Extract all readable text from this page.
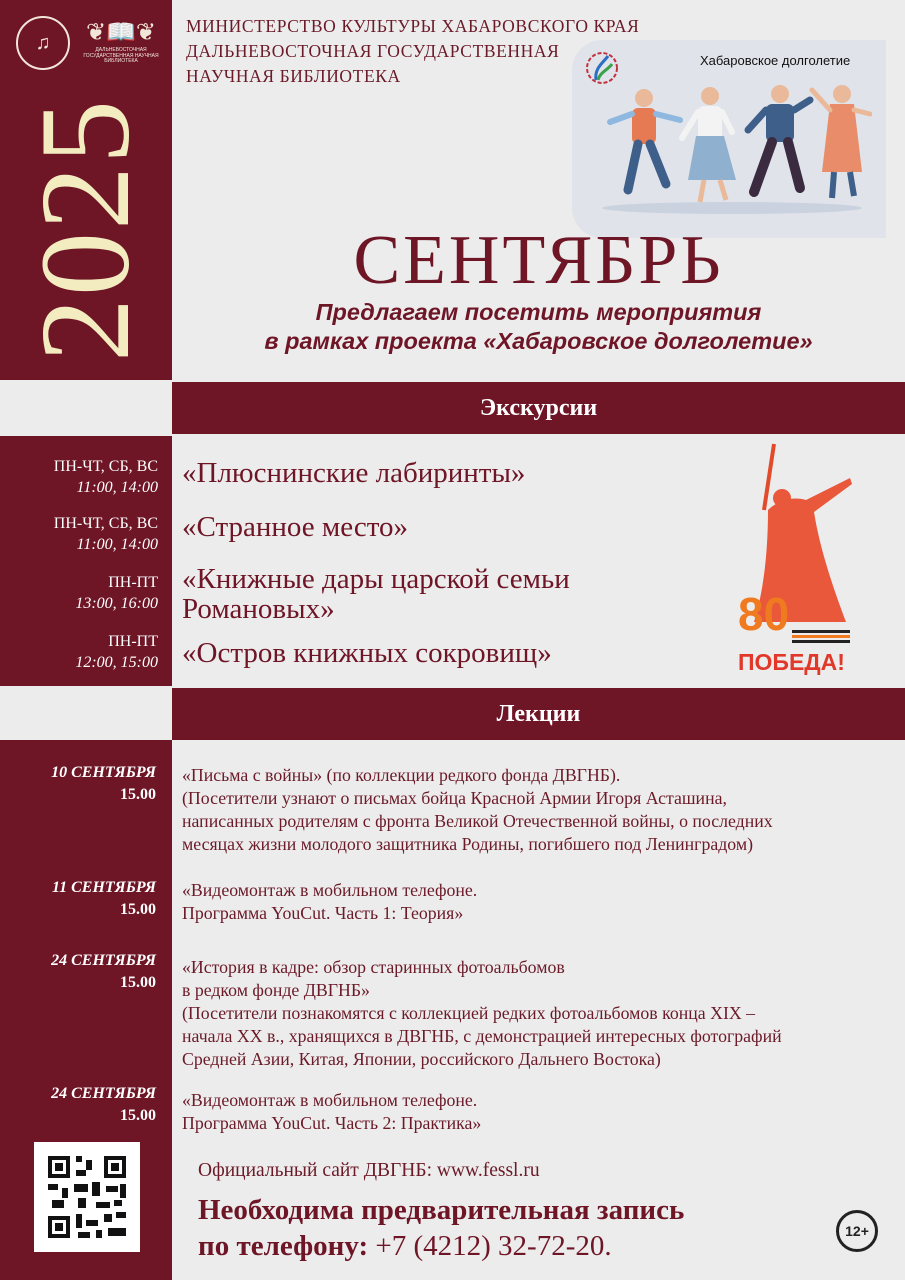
♫	❦📖❦
ДАЛЬНЕВОСТОЧНАЯ ГОСУДАРСТВЕННАЯ НАУЧНАЯ БИБЛИОТЕКА
2025
МИНИСТЕРСТВО КУЛЬТУРЫ ХАБАРОВСКОГО КРАЯ
ДАЛЬНЕВОСТОЧНАЯ ГОСУДАРСТВЕННАЯ
НАУЧНАЯ БИБЛИОТЕКА
Хабаровское долголетие
СЕНТЯБРЬ
Предлагаем посетить мероприятия
в рамках проекта «Хабаровское долголетие»
Экскурсии
ПН-ЧТ, СБ, ВС
11:00, 14:00
ПН-ЧТ, СБ, ВС
11:00, 14:00
ПН-ПТ
13:00, 16:00
ПН-ПТ
12:00, 15:00
«Плюснинские лабиринты»
«Странное место»
«Книжные дары царской семьи
Романовых»
«Остров книжных сокровищ»
80
ПОБЕДА!
Лекции
10 СЕНТЯБРЯ
15.00
«Письма с войны» (по коллекции редкого фонда ДВГНБ).
(Посетители узнают о письмах бойца Красной Армии Игоря Асташина,
написанных родителям с фронта Великой Отечественной войны, о последних
месяцах жизни молодого защитника Родины, погибшего под Ленинградом)
11 СЕНТЯБРЯ
15.00
«Видеомонтаж в мобильном телефоне.
Программа YouCut. Часть 1: Теория»
24 СЕНТЯБРЯ
15.00
«История в кадре: обзор старинных фотоальбомов
в редком фонде ДВГНБ»
(Посетители познакомятся с коллекцией редких фотоальбомов конца XIX –
начала XX в., хранящихся в ДВГНБ, с демонстрацией интересных фотографий
Средней Азии, Китая, Японии, российского Дальнего Востока)
24 СЕНТЯБРЯ
15.00
«Видеомонтаж в мобильном телефоне.
Программа YouCut. Часть 2: Практика»
Официальный сайт ДВГНБ: www.fessl.ru
Необходима предварительная запись
по телефону: +7 (4212) 32-72-20.	12+
